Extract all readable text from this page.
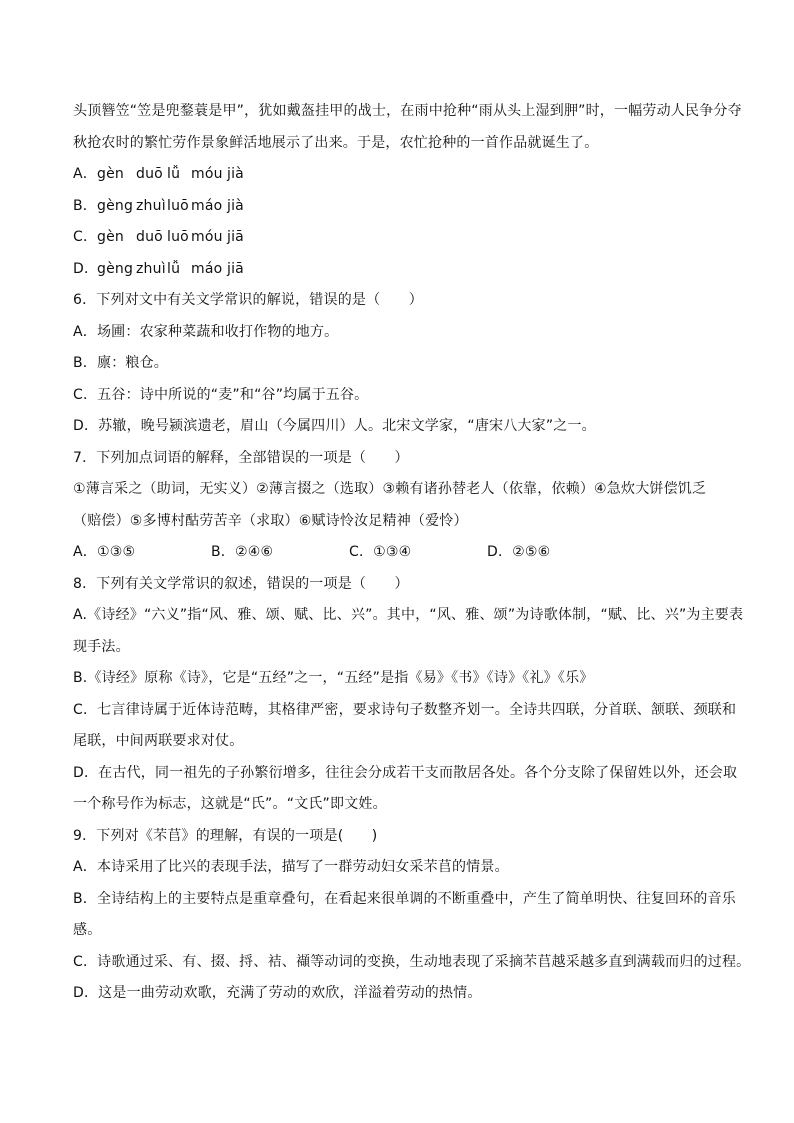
头顶簪笠“笠是兜鍪蓑是甲”，犹如戴盔挂甲的战士，在雨中抢种“雨从头上湿到胛”时，一幅劳动人民争分夺
秋抢农时的繁忙劳作景象鲜活地展示了出来。于是，农忙抢种的一首作品就诞生了。
A． gèn duō lǚ móu jià
B． gèng zhuì luō máo jià
C． gèn duō luō móu jiā
D．
gèng zhuì lǚ máo jiā
6．下列对文中有关文学常识的解说，错误的是（　　）
A．场圃：农家种菜蔬和收打作物的地方。
B．廪：粮仓。
C．五谷：诗中所说的“麦”和“谷”均属于五谷。
D．苏辙，晚号颍滨遗老，眉山（今属四川）人。北宋文学家，“唐宋八大家”之一。
7．下列加点词语的解释，全部错误的一项是（　　）
①薄言采之（助词，无实义）②薄言掇之（选取）③赖有诸孙替老人（依靠，依赖）④急炊大饼偿饥乏
（赔偿）⑤多博村酤劳苦辛（求取）⑥赋诗怜汝足精神（爱怜）
A．①③⑤	B．②④⑥	C．①③④	D．②⑤⑥
8．下列有关文学常识的叙述，错误的一项是（　　）
A.《诗经》“六义”指“风、雅、颂、赋、比、兴”。其中，“风、雅、颂”为诗歌体制，“赋、比、兴”为主要表
现手法。
B.《诗经》原称《诗》，它是“五经”之一，“五经”是指《易》《书》《诗》《礼》《乐》
C．七言律诗属于近体诗范畴，其格律严密，要求诗句子数整齐划一。全诗共四联，分首联、颔联、颈联和
尾联，中间两联要求对仗。
D．在古代，同一祖先的子孙繁衍增多，往往会分成若干支而散居各处。各个分支除了保留姓以外，还会取
一个称号作为标志，这就是“氏”。“文氏”即文姓。
9．下列对《芣苢》的理解，有误的一项是(　　)
A．本诗采用了比兴的表现手法，描写了一群劳动妇女采芣苢的情景。
B．全诗结构上的主要特点是重章叠句，在看起来很单调的不断重叠中，产生了简单明快、往复回环的音乐
感。
C．诗歌通过采、有、掇、捋、袺、襭等动词的变换，生动地表现了采摘芣苢越采越多直到满载而归的过程。
D．这是一曲劳动欢歌，充满了劳动的欢欣，洋溢着劳动的热情。
